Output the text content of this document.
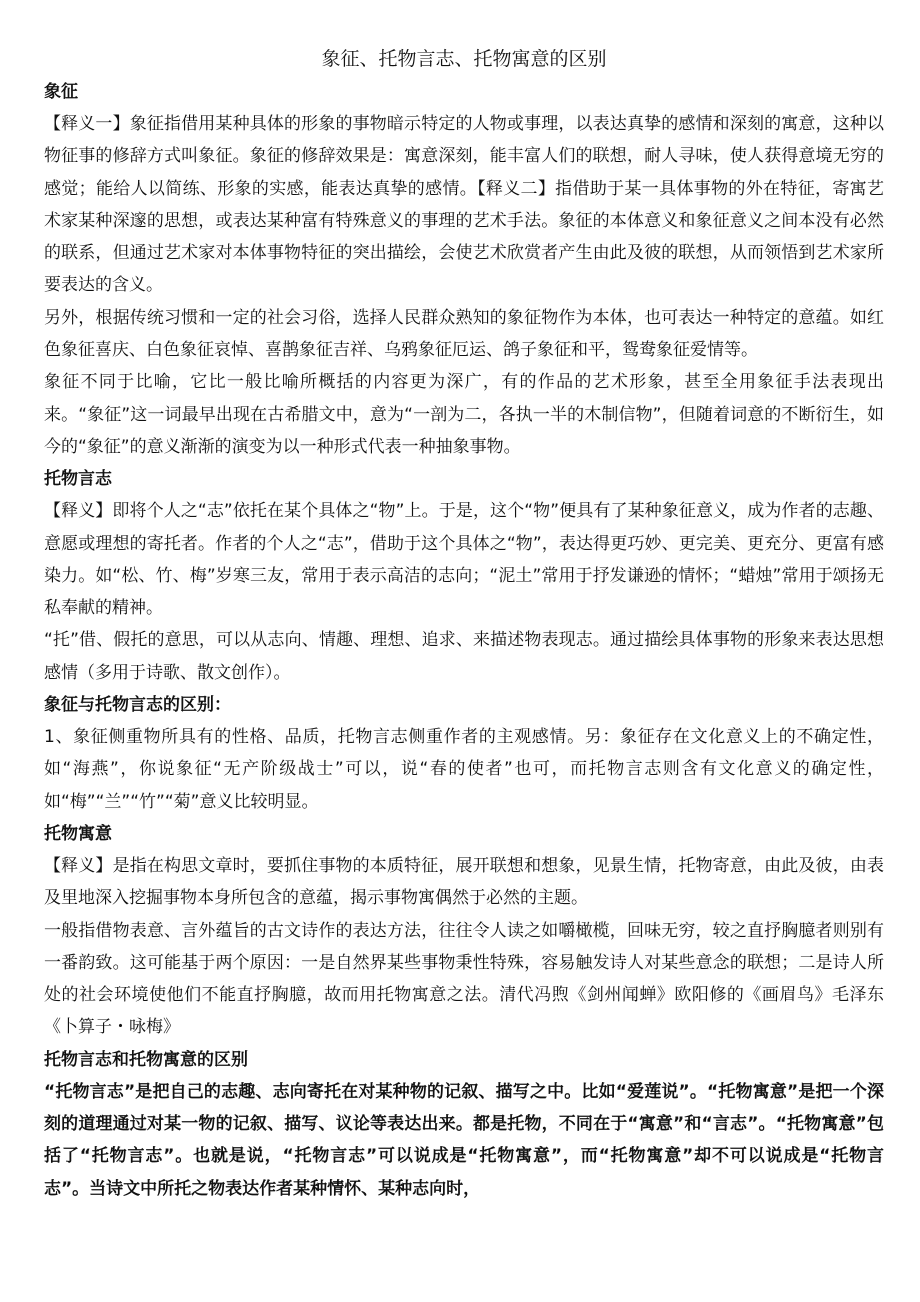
象征、托物言志、托物寓意的区别
象征

【释义一】象征指借用某种具体的形象的事物暗示特定的人物或事理，以表达真挚的感情和深刻的寓意，这种以物征事的修辞方式叫象征。象征的修辞效果是：寓意深刻，能丰富人们的联想，耐人寻味，使人获得意境无穷的感觉；能给人以简练、形象的实感，能表达真挚的感情。【释义二】指借助于某一具体事物的外在特征，寄寓艺术家某种深邃的思想，或表达某种富有特殊意义的事理的艺术手法。象征的本体意义和象征意义之间本没有必然的联系，但通过艺术家对本体事物特征的突出描绘，会使艺术欣赏者产生由此及彼的联想，从而领悟到艺术家所要表达的含义。

另外，根据传统习惯和一定的社会习俗，选择人民群众熟知的象征物作为本体，也可表达一种特定的意蕴。如红色象征喜庆、白色象征哀悼、喜鹊象征吉祥、乌鸦象征厄运、鸽子象征和平，鸳鸯象征爱情等。

象征不同于比喻，它比一般比喻所概括的内容更为深广，有的作品的艺术形象，甚至全用象征手法表现出来。“象征”这一词最早出现在古希腊文中，意为“一剖为二，各执一半的木制信物”，但随着词意的不断衍生，如今的“象征”的意义渐渐的演变为以一种形式代表一种抽象事物。

托物言志

【释义】即将个人之“志”依托在某个具体之“物”上。于是，这个“物”便具有了某种象征意义，成为作者的志趣、意愿或理想的寄托者。作者的个人之“志”，借助于这个具体之“物”，表达得更巧妙、更完美、更充分、更富有感染力。如“松、竹、梅”岁寒三友，常用于表示高洁的志向；“泥土”常用于抒发谦逊的情怀；“蜡烛”常用于颂扬无私奉献的精神。

“托”借、假托的意思，可以从志向、情趣、理想、追求、来描述物表现志。通过描绘具体事物的形象来表达思想感情（多用于诗歌、散文创作）。

象征与托物言志的区别：

1、象征侧重物所具有的性格、品质，托物言志侧重作者的主观感情。另：象征存在文化意义上的不确定性，如“海燕”，你说象征“无产阶级战士”可以，说“春的使者”也可，而托物言志则含有文化意义的确定性，如“梅”“兰”“竹”“菊”意义比较明显。

托物寓意

【释义】是指在构思文章时，要抓住事物的本质特征，展开联想和想象，见景生情，托物寄意，由此及彼，由表及里地深入挖掘事物本身所包含的意蕴，揭示事物寓偶然于必然的主题。

一般指借物表意、言外蕴旨的古文诗作的表达方法，往往令人读之如嚼橄榄，回味无穷，较之直抒胸臆者则别有一番韵致。这可能基于两个原因：一是自然界某些事物秉性特殊，容易触发诗人对某些意念的联想；二是诗人所处的社会环境使他们不能直抒胸臆，故而用托物寓意之法。清代冯煦《剑州闻蝉》欧阳修的《画眉鸟》毛泽东《卜算子・咏梅》

托物言志和托物寓意的区别

“托物言志”是把自己的志趣、志向寄托在对某种物的记叙、描写之中。比如“爱莲说”。“托物寓意”是把一个深刻的道理通过对某一物的记叙、描写、议论等表达出来。都是托物，不同在于“寓意”和“言志”。“托物寓意”包括了“托物言志”。也就是说，“托物言志”可以说成是“托物寓意”，而“托物寓意”却不可以说成是“托物言志”。当诗文中所托之物表达作者某种情怀、某种志向时，
